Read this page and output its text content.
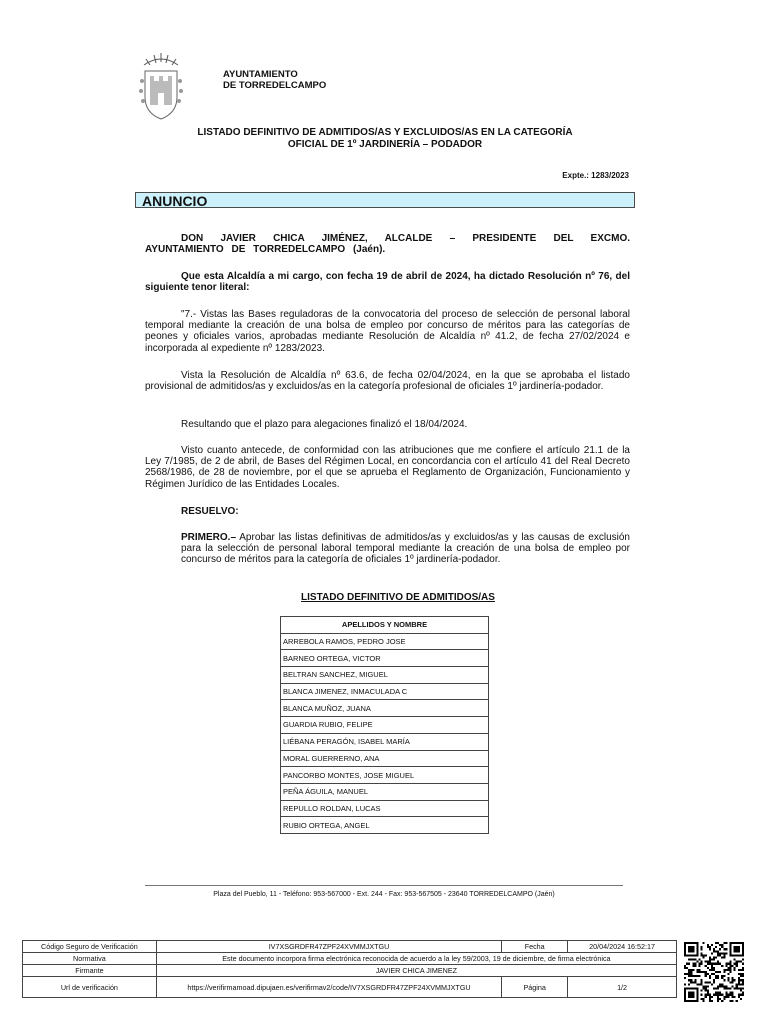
AYUNTAMIENTO
DE TORREDELCAMPO
LISTADO DEFINITIVO DE ADMITIDOS/AS Y EXCLUIDOS/AS EN LA CATEGORÍA
OFICIAL DE 1º JARDINERÍA – PODADOR
Expte.: 1283/2023
ANUNCIO
DON JAVIER CHICA JIMÉNEZ, ALCALDE – PRESIDENTE DEL EXCMO. AYUNTAMIENTO DE TORREDELCAMPO (Jaén).
Que esta Alcaldía a mi cargo, con fecha 19 de abril de 2024, ha dictado Resolución nº 76, del siguiente tenor literal:
"7.- Vistas las Bases reguladoras de la convocatoria del proceso de selección de personal laboral temporal mediante la creación de una bolsa de empleo por concurso de méritos para las categorías de peones y oficiales varios, aprobadas mediante Resolución de Alcaldía nº 41.2, de fecha 27/02/2024 e incorporada al expediente nº 1283/2023.
Vista la Resolución de Alcaldía nº 63.6, de fecha 02/04/2024, en la que se aprobaba el listado provisional de admitidos/as y excluidos/as en la categoría profesional de oficiales 1º jardinería-podador.
Resultando que el plazo para alegaciones finalizó el 18/04/2024.
Visto cuanto antecede, de conformidad con las atribuciones que me confiere el artículo 21.1 de la Ley 7/1985, de 2 de abril, de Bases del Régimen Local, en concordancia con el artículo 41 del Real Decreto 2568/1986, de 28 de noviembre, por el que se aprueba el Reglamento de Organización, Funcionamiento y Régimen Jurídico de las Entidades Locales.
RESUELVO:
PRIMERO.– Aprobar las listas definitivas de admitidos/as y excluidos/as y las causas de exclusión para la selección de personal laboral temporal mediante la creación de una bolsa de empleo por concurso de méritos para la categoría de oficiales 1º jardinería-podador.
LISTADO DEFINITIVO DE ADMITIDOS/AS
APELLIDOS Y NOMBRE
ARREBOLA RAMOS, PEDRO JOSE
BARNEO ORTEGA, VICTOR
BELTRAN SANCHEZ, MIGUEL
BLANCA JIMENEZ, INMACULADA C
BLANCA MUÑOZ, JUANA
GUARDIA RUBIO, FELIPE
LIÉBANA PERAGÓN, ISABEL MARÍA
MORAL GUERRERNO, ANA
PANCORBO MONTES, JOSE MIGUEL
PEÑA ÁGUILA, MANUEL
REPULLO ROLDAN, LUCAS
RUBIO ORTEGA, ANGEL
Plaza del Pueblo, 11 - Teléfono: 953-567000 - Ext. 244 - Fax: 953-567505 - 23640 TORREDELCAMPO (Jaén)
Código Seguro de Verificación	IV7XSGRDFR47ZPF24XVMMJXTGU	Fecha	20/04/2024 16:52:17
Normativa	Este documento incorpora firma electrónica reconocida de acuerdo a la ley 59/2003, 19 de diciembre, de firma electrónica		
Firmante	JAVIER CHICA JIMENEZ		
Url de verificación	https://verifirmamoad.dipujaen.es/verifirmav2/code/IV7XSGRDFR47ZPF24XVMMJXTGU	Página	1/2
